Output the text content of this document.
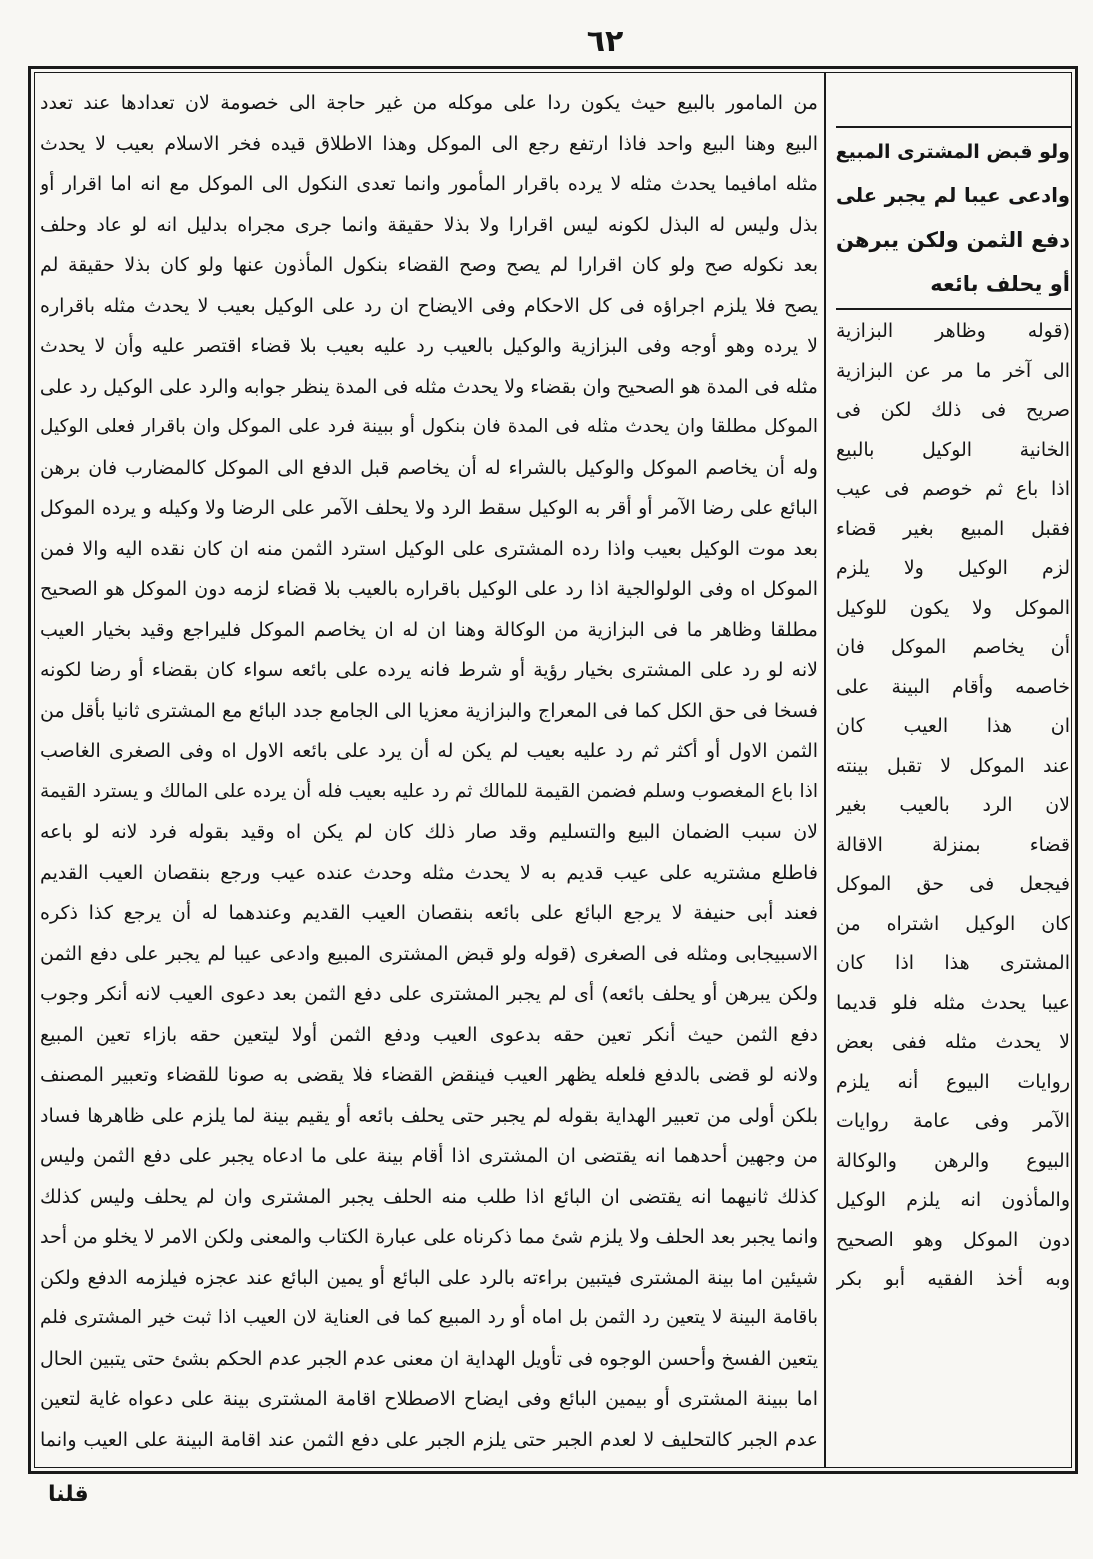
٦٢
من المامور بالبيع حيث يكون ردا على موكله من غير حاجة الى خصومة لان تعدادها عند تعدد
البيع وهنا البيع واحد فاذا ارتفع رجع الى الموكل وهذا الاطلاق قيده فخر الاسلام بعيب لا يحدث
مثله امافيما يحدث مثله لا يرده باقرار المأمور وانما تعدى النكول الى الموكل مع انه اما اقرار أو
بذل وليس له البذل لكونه ليس اقرارا ولا بذلا حقيقة وانما جرى مجراه بدليل انه لو عاد وحلف
بعد نكوله صح ولو كان اقرارا لم يصح وصح القضاء بنكول المأذون عنها ولو كان بذلا حقيقة لم
يصح فلا يلزم اجراؤه فى كل الاحكام وفى الايضاح ان رد على الوكيل بعيب لا يحدث مثله باقراره
لا يرده وهو أوجه وفى البزازية والوكيل بالعيب رد عليه بعيب بلا قضاء اقتصر عليه وأن لا يحدث
مثله فى المدة هو الصحيح وان بقضاء ولا يحدث مثله فى المدة ينظر جوابه والرد على الوكيل رد على
الموكل مطلقا وان يحدث مثله فى المدة فان بنكول أو ببينة فرد على الموكل وان باقرار فعلى الوكيل
وله أن يخاصم الموكل والوكيل بالشراء له أن يخاصم قبل الدفع الى الموكل كالمضارب فان برهن
البائع على رضا الآمر أو أقر به الوكيل سقط الرد ولا يحلف الآمر على الرضا ولا وكيله و يرده الموكل
بعد موت الوكيل بعيب واذا رده المشترى على الوكيل استرد الثمن منه ان كان نقده اليه والا فمن
الموكل اه وفى الولوالجية اذا رد على الوكيل باقراره بالعيب بلا قضاء لزمه دون الموكل هو الصحيح
مطلقا وظاهر ما فى البزازية من الوكالة وهنا ان له ان يخاصم الموكل فليراجع وقيد بخيار العيب
لانه لو رد على المشترى بخيار رؤية أو شرط فانه يرده على بائعه سواء كان بقضاء أو رضا لكونه
فسخا فى حق الكل كما فى المعراج والبزازية معزيا الى الجامع جدد البائع مع المشترى ثانيا بأقل من
الثمن الاول أو أكثر ثم رد عليه بعيب لم يكن له أن يرد على بائعه الاول اه وفى الصغرى الغاصب
اذا باع المغصوب وسلم فضمن القيمة للمالك ثم رد عليه بعيب فله أن يرده على المالك و يسترد القيمة
لان سبب الضمان البيع والتسليم وقد صار ذلك كان لم يكن اه وقيد بقوله فرد لانه لو باعه
فاطلع مشتريه على عيب قديم به لا يحدث مثله وحدث عنده عيب ورجع بنقصان العيب القديم
فعند أبى حنيفة لا يرجع البائع على بائعه بنقصان العيب القديم وعندهما له أن يرجع كذا ذكره
الاسبيجابى ومثله فى الصغرى (قوله ولو قبض المشترى المبيع وادعى عيبا لم يجبر على دفع الثمن
ولكن يبرهن أو يحلف بائعه) أى لم يجبر المشترى على دفع الثمن بعد دعوى العيب لانه أنكر وجوب
دفع الثمن حيث أنكر تعين حقه بدعوى العيب ودفع الثمن أولا ليتعين حقه بازاء تعين المبيع
ولانه لو قضى بالدفع فلعله يظهر العيب فينقض القضاء فلا يقضى به صونا للقضاء وتعبير المصنف
بلكن أولى من تعبير الهداية بقوله لم يجبر حتى يحلف بائعه أو يقيم بينة لما يلزم على ظاهرها فساد
من وجهين أحدهما انه يقتضى ان المشترى اذا أقام بينة على ما ادعاه يجبر على دفع الثمن وليس
كذلك ثانيهما انه يقتضى ان البائع اذا طلب منه الحلف يجبر المشترى وان لم يحلف وليس كذلك
وانما يجبر بعد الحلف ولا يلزم شئ مما ذكرناه على عبارة الكتاب والمعنى ولكن الامر لا يخلو من أحد
شيئين اما بينة المشترى فيتبين براءته بالرد على البائع أو يمين البائع عند عجزه فيلزمه الدفع ولكن
باقامة البينة لا يتعين رد الثمن بل اماه أو رد المبيع كما فى العناية لان العيب اذا ثبت خير المشترى فلم
يتعين الفسخ وأحسن الوجوه فى تأويل الهداية ان معنى عدم الجبر عدم الحكم بشئ حتى يتبين الحال
اما ببينة المشترى أو بيمين البائع وفى ايضاح الاصطلاح اقامة المشترى بينة على دعواه غاية لتعين
عدم الجبر كالتحليف لا لعدم الجبر حتى يلزم الجبر على دفع الثمن عند اقامة البينة على العيب وانما
ولو قبض المشترى المبيع
وادعى عيبا لم يجبر على
دفع الثمن ولكن يبرهن
أو يحلف بائعه
(قوله وظاهر البزازية
الى آخر ما مر عن البزازية
صريح فى ذلك لكن فى
الخانية الوكيل بالبيع
اذا باع ثم خوصم فى عيب
فقبل المبيع بغير قضاء
لزم الوكيل ولا يلزم
الموكل ولا يكون للوكيل
أن يخاصم الموكل فان
خاصمه وأقام البينة على
ان هذا العيب كان
عند الموكل لا تقبل بينته
لان الرد بالعيب بغير
قضاء بمنزلة الاقالة
فيجعل فى حق الموكل
كان الوكيل اشتراه من
المشترى هذا اذا كان
عيبا يحدث مثله فلو قديما
لا يحدث مثله ففى بعض
روايات البيوع أنه يلزم
الآمر وفى عامة روايات
البيوع والرهن والوكالة
والمأذون انه يلزم الوكيل
دون الموكل وهو الصحيح
وبه أخذ الفقيه أبو بكر
قلنا
